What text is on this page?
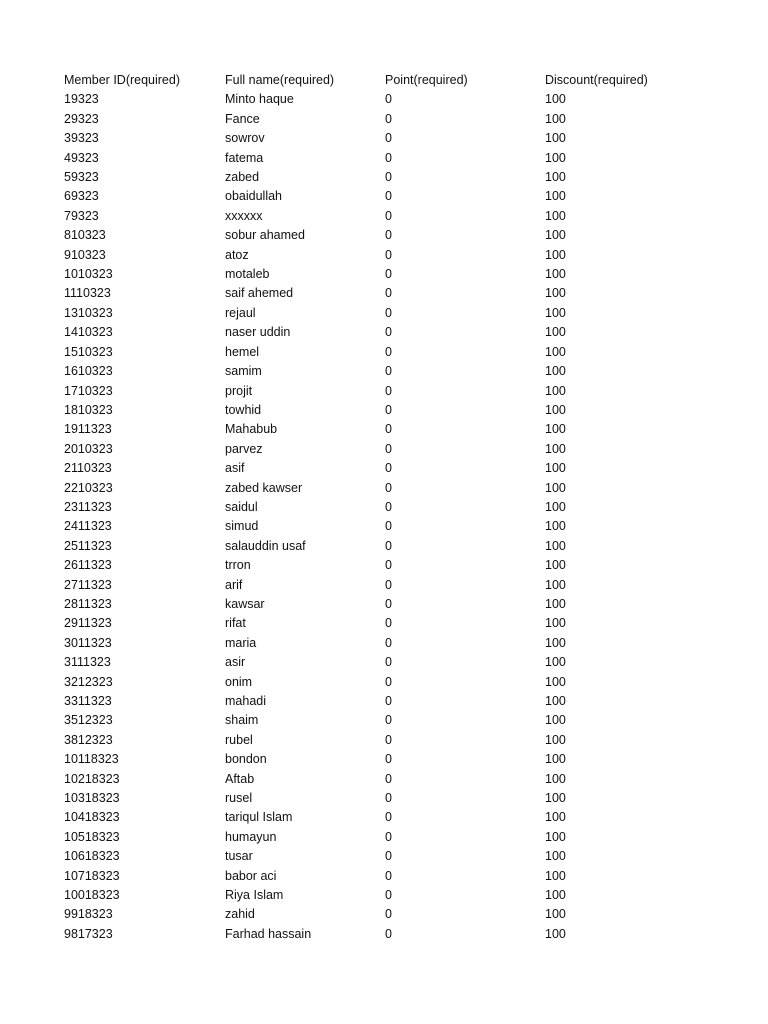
Member ID(required)	Full name(required)	Point(required)	Discount(required)
19323	Minto haque	0	100
29323	Fance	0	100
39323	sowrov	0	100
49323	fatema	0	100
59323	zabed	0	100
69323	obaidullah	0	100
79323	xxxxxx	0	100
810323	sobur ahamed	0	100
910323	atoz	0	100
1010323	motaleb	0	100
1110323	saif ahemed	0	100
1310323	rejaul	0	100
1410323	naser uddin	0	100
1510323	hemel	0	100
1610323	samim	0	100
1710323	projit	0	100
1810323	towhid	0	100
1911323	Mahabub	0	100
2010323	parvez	0	100
2110323	asif	0	100
2210323	zabed kawser	0	100
2311323	saidul	0	100
2411323	simud	0	100
2511323	salauddin usaf	0	100
2611323	trron	0	100
2711323	arif	0	100
2811323	kawsar	0	100
2911323	rifat	0	100
3011323	maria	0	100
3111323	asir	0	100
3212323	onim	0	100
3311323	mahadi	0	100
3512323	shaim	0	100
3812323	rubel	0	100
10118323	bondon	0	100
10218323	Aftab	0	100
10318323	rusel	0	100
10418323	tariqul Islam	0	100
10518323	humayun	0	100
10618323	tusar	0	100
10718323	babor aci	0	100
10018323	Riya Islam	0	100
9918323	zahid	0	100
9817323	Farhad hassain	0	100
